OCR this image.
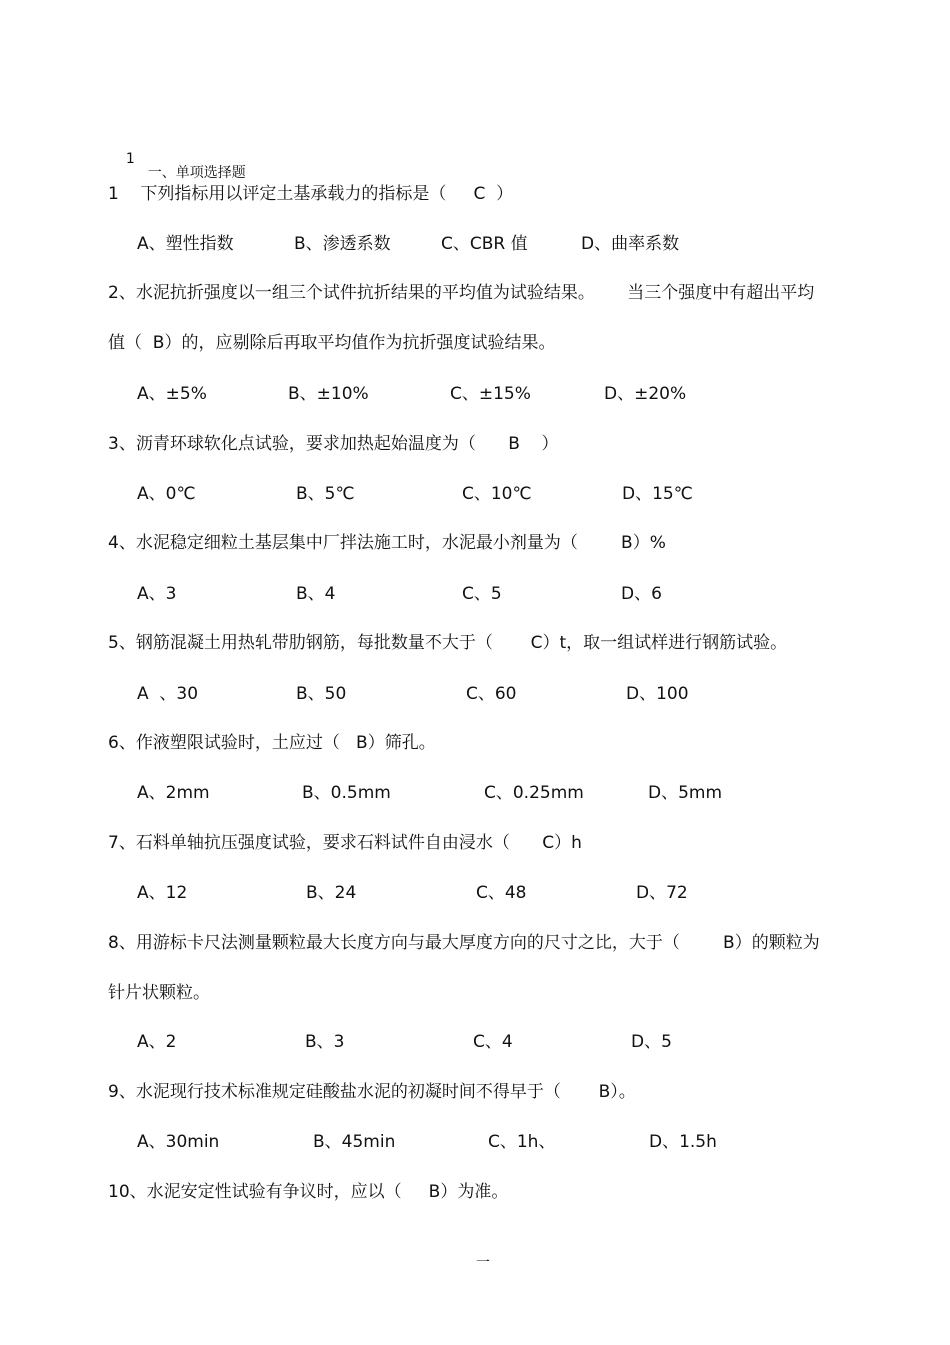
1
一、单项选择题

1    下列指标用以评定土基承载力的指标是（     C  ）
A、塑性指数	B、渗透系数	C、CBR 值	D、曲率系数
2、水泥抗折强度以一组三个试件抗折结果的平均值为试验结果。      当三个强度中有超出平均
值（  B）的，应剔除后再取平均值作为抗折强度试验结果。
A、±5%	B、±10%	C、±15%	D、±20%
3、沥青环球软化点试验，要求加热起始温度为（      B    ）
A、0℃	B、5℃	C、10℃	D、15℃
4、水泥稳定细粒土基层集中厂拌法施工时，水泥最小剂量为（        B）%
A、3	B、4	C、5	D、6
5、钢筋混凝土用热轧带肋钢筋，每批数量不大于（       C）t，取一组试样进行钢筋试验。
A  、30	B、50	C、60	D、100
6、作液塑限试验时，土应过（   B）筛孔。
A、2mm	B、0.5mm	C、0.25mm	D、5mm
7、石料单轴抗压强度试验，要求石料试件自由浸水（      C）h
A、12	B、24	C、48	D、72
8、用游标卡尺法测量颗粒最大长度方向与最大厚度方向的尺寸之比，大于（        B）的颗粒为
针片状颗粒。
A、2	B、3	C、4	D、5
9、水泥现行技术标准规定硅酸盐水泥的初凝时间不得早于（       B）。
A、30min	B、45min	C、1h、	D、1.5h
10、水泥安定性试验有争议时，应以（     B）为准。
一
